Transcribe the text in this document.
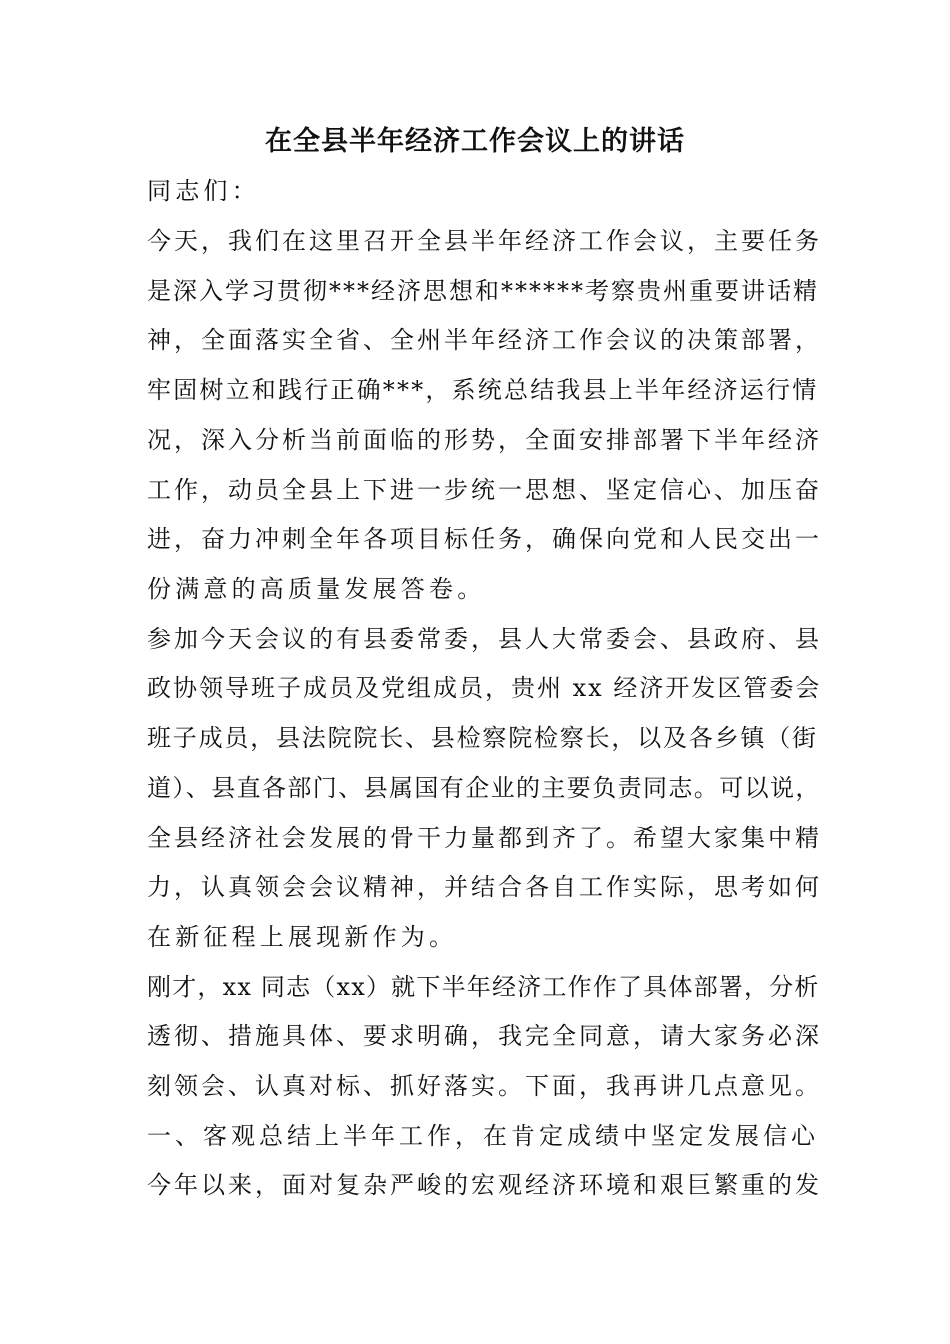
在全县半年经济工作会议上的讲话
同志们：
今天，我们在这里召开全县半年经济工作会议，主要任务
是深入学习贯彻***经济思想和******考察贵州重要讲话精
神，全面落实全省、全州半年经济工作会议的决策部署，
牢固树立和践行正确***，系统总结我县上半年经济运行情
况，深入分析当前面临的形势，全面安排部署下半年经济
工作，动员全县上下进一步统一思想、坚定信心、加压奋
进，奋力冲刺全年各项目标任务，确保向党和人民交出一
份满意的高质量发展答卷。
参加今天会议的有县委常委，县人大常委会、县政府、县
政协领导班子成员及党组成员，贵州 xx 经济开发区管委会
班子成员，县法院院长、县检察院检察长，以及各乡镇（街
道）、县直各部门、县属国有企业的主要负责同志。可以说，
全县经济社会发展的骨干力量都到齐了。希望大家集中精
力，认真领会会议精神，并结合各自工作实际，思考如何
在新征程上展现新作为。
刚才，xx 同志（xx）就下半年经济工作作了具体部署，分析
透彻、措施具体、要求明确，我完全同意，请大家务必深
刻领会、认真对标、抓好落实。下面，我再讲几点意见。
一、客观总结上半年工作，在肯定成绩中坚定发展信心
今年以来，面对复杂严峻的宏观经济环境和艰巨繁重的发
